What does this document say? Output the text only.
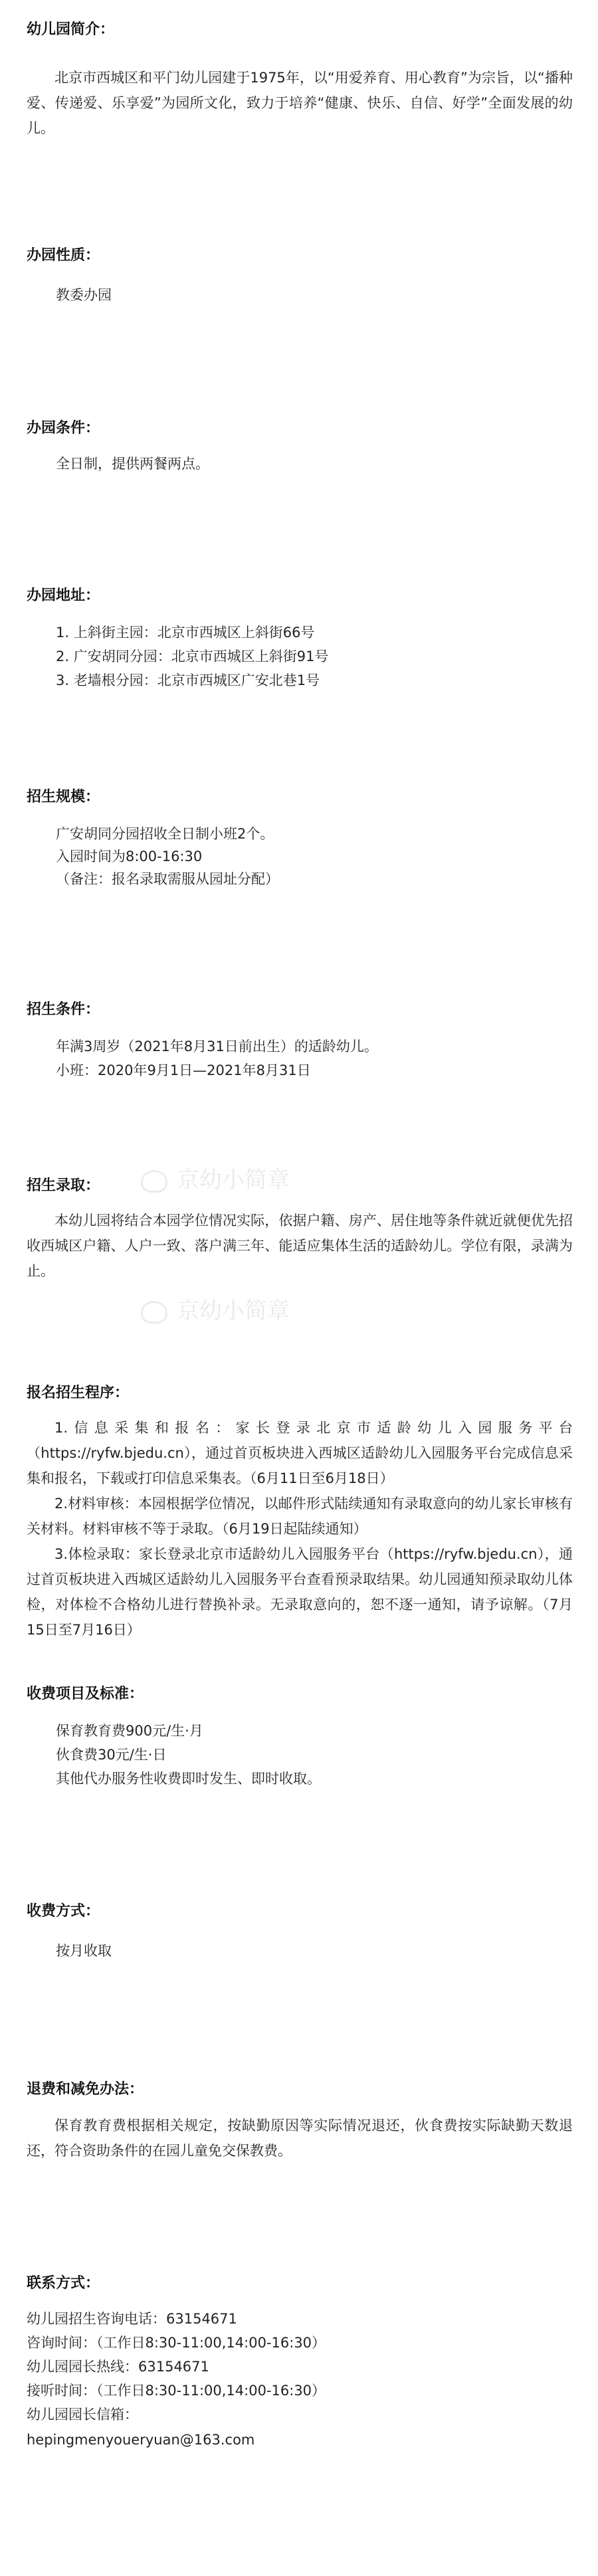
京幼小简章
京幼小简章
幼儿园简介：
北京市西城区和平门幼儿园建于1975年，以“用爱养育、用心教育”为宗旨，以“播种爱、传递爱、乐享爱”为园所文化，致力于培养“健康、快乐、自信、好学”全面发展的幼儿。
办园性质：
教委办园
办园条件：
全日制，提供两餐两点。
办园地址：
1. 上斜街主园：北京市西城区上斜街66号
2. 广安胡同分园：北京市西城区上斜街91号
3. 老墙根分园：北京市西城区广安北巷1号
招生规模：
广安胡同分园招收全日制小班2个。
入园时间为8:00-16:30
（备注：报名录取需服从园址分配）
招生条件：
年满3周岁（2021年8月31日前出生）的适龄幼儿。
小班：2020年9月1日—2021年8月31日
招生录取：
本幼儿园将结合本园学位情况实际，依据户籍、房产、居住地等条件就近就便优先招收西城区户籍、人户一致、落户满三年、能适应集体生活的适龄幼儿。学位有限，录满为止。
报名招生程序：
1.信息采集和报名：家长登录北京市适龄幼儿入园服务平台（https://ryfw.bjedu.cn），通过首页板块进入西城区适龄幼儿入园服务平台完成信息采集和报名，下载或打印信息采集表。（6月11日至6月18日）
2.材料审核：本园根据学位情况，以邮件形式陆续通知有录取意向的幼儿家长审核有关材料。材料审核不等于录取。（6月19日起陆续通知）
3.体检录取：家长登录北京市适龄幼儿入园服务平台（https://ryfw.bjedu.cn），通过首页板块进入西城区适龄幼儿入园服务平台查看预录取结果。幼儿园通知预录取幼儿体检，对体检不合格幼儿进行替换补录。无录取意向的，恕不逐一通知，请予谅解。（7月15日至7月16日）
收费项目及标准：
保育教育费900元/生·月
伙食费30元/生·日
其他代办服务性收费即时发生、即时收取。
收费方式：
按月收取
退费和减免办法：
保育教育费根据相关规定，按缺勤原因等实际情况退还，伙食费按实际缺勤天数退还，符合资助条件的在园儿童免交保教费。
联系方式：
幼儿园招生咨询电话：63154671
咨询时间：（工作日8:30-11:00,14:00-16:30）
幼儿园园长热线：63154671
接听时间：（工作日8:30-11:00,14:00-16:30）
幼儿园园长信箱：
hepingmenyoueryuan@163.com
